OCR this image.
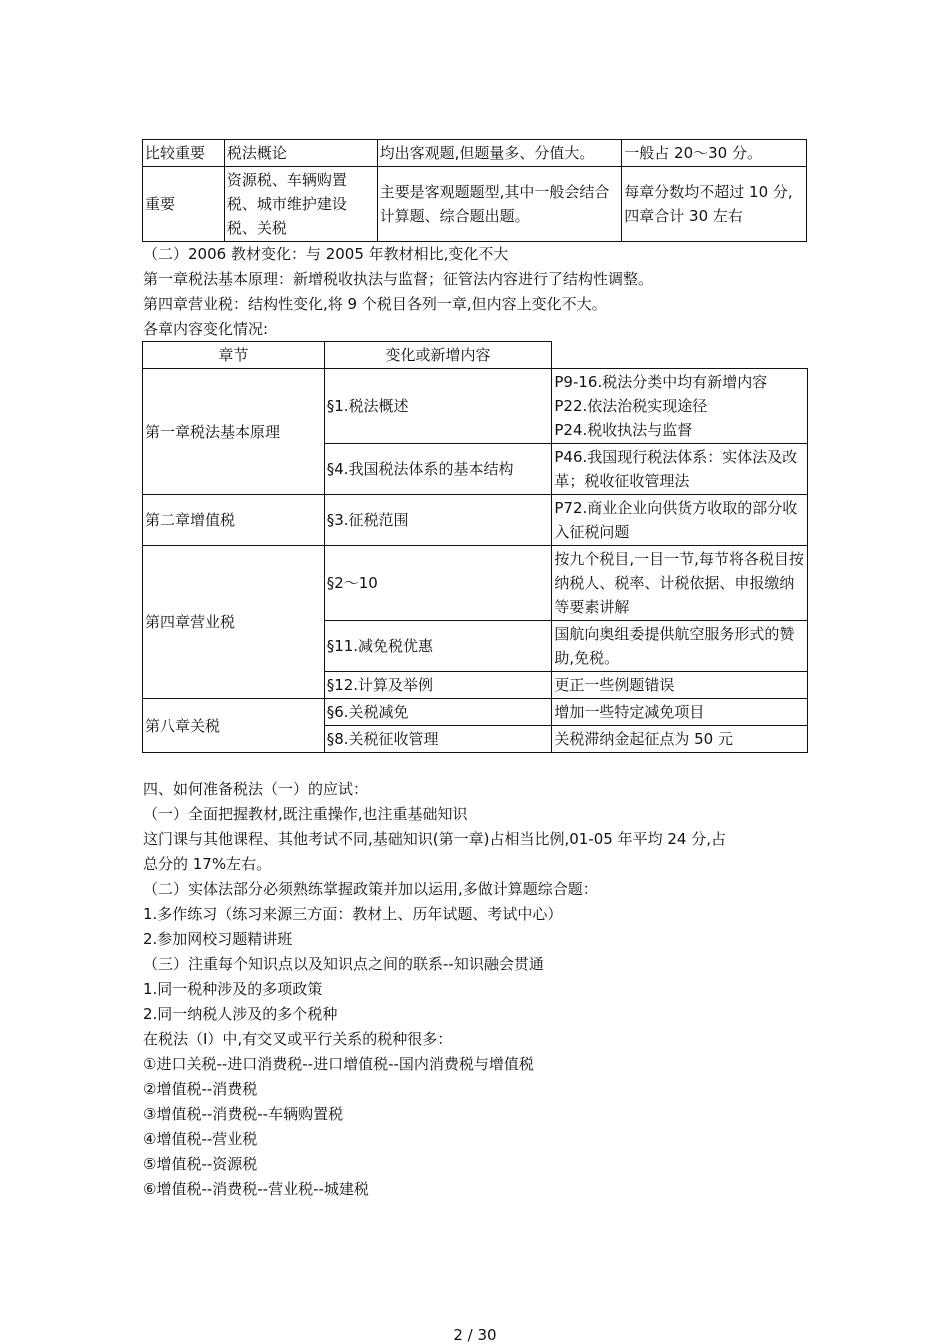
比较重要	税法概论	均出客观题,但题量多、分值大。	一般占 20～30 分。
重要	资源税、车辆购置税、城市维护建设税、关税	主要是客观题题型,其中一般会结合计算题、综合题出题。	每章分数均不超过 10 分,四章合计 30 左右
（二）2006 教材变化：与 2005 年教材相比,变化不大
第一章税法基本原理：新增税收执法与监督；征管法内容进行了结构性调整。
第四章营业税：结构性变化,将 9 个税目各列一章,但内容上变化不大。
各章内容变化情况:
章节	变化或新增内容	
第一章税法基本原理	§1.税法概述	P9-16.税法分类中均有新增内容
P22.依法治税实现途径
P24.税收执法与监督
	§4.我国税法体系的基本结构	P46.我国现行税法体系：实体法及改革；税收征收管理法
第二章增值税	§3.征税范围	P72.商业企业向供货方收取的部分收入征税问题
第四章营业税	§2～10	按九个税目,一目一节,每节将各税目按纳税人、税率、计税依据、申报缴纳等要素讲解
	§11.减免税优惠	国航向奥组委提供航空服务形式的赞助,免税。
	§12.计算及举例	更正一些例题错误
第八章关税	§6.关税减免	增加一些特定减免项目
	§8.关税征收管理	关税滞纳金起征点为 50 元
四、如何准备税法（一）的应试：
（一）全面把握教材,既注重操作,也注重基础知识
这门课与其他课程、其他考试不同,基础知识(第一章)占相当比例,01-05 年平均 24 分,占
总分的 17%左右。
（二）实体法部分必须熟练掌握政策并加以运用,多做计算题综合题：
1.多作练习（练习来源三方面：教材上、历年试题、考试中心）
2.参加网校习题精讲班
（三）注重每个知识点以及知识点之间的联系--知识融会贯通
1.同一税种涉及的多项政策
2.同一纳税人涉及的多个税种
在税法（I）中,有交叉或平行关系的税种很多：
①进口关税--进口消费税--进口增值税--国内消费税与增值税
②增值税--消费税
③增值税--消费税--车辆购置税
④增值税--营业税
⑤增值税--资源税
⑥增值税--消费税--营业税--城建税
2 / 30
